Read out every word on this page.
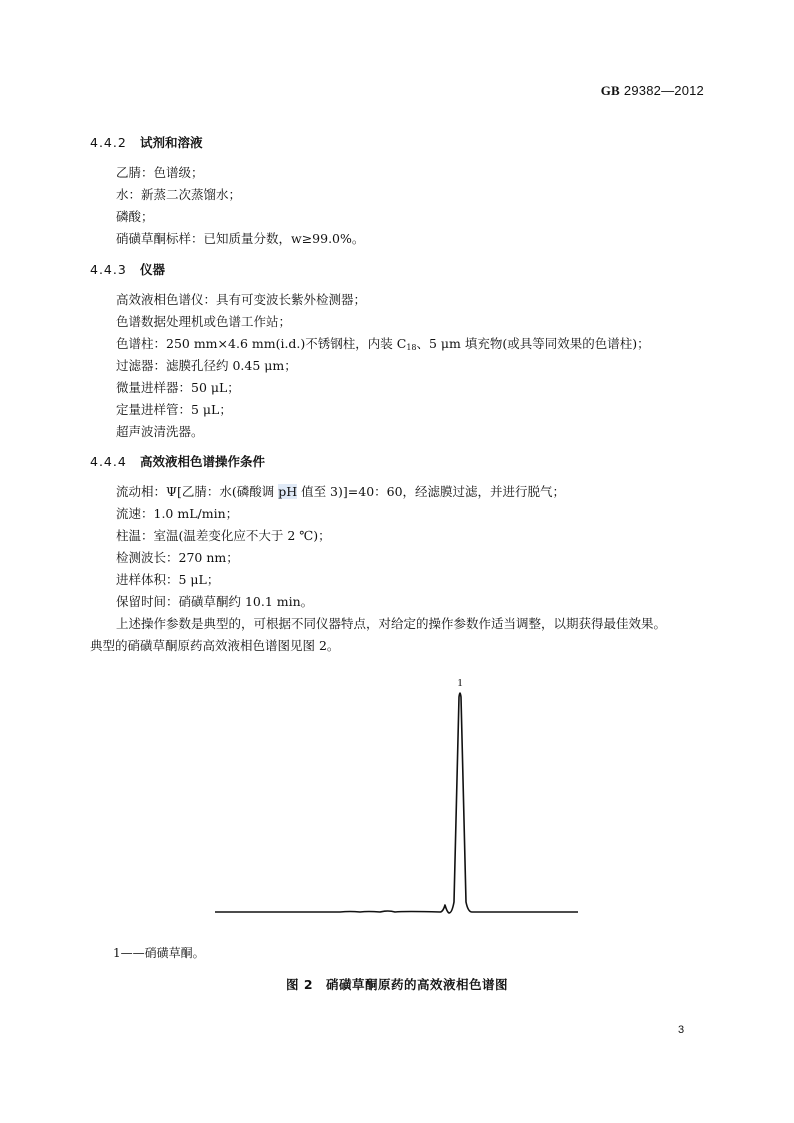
GB 29382—2012
4.4.2 试剂和溶液
乙腈：色谱级；
水：新蒸二次蒸馏水；
磷酸；
硝磺草酮标样：已知质量分数，w≥99.0%。
4.4.3 仪器
高效液相色谱仪：具有可变波长紫外检测器；
色谱数据处理机或色谱工作站；
色谱柱：250 mm×4.6 mm(i.d.)不锈钢柱，内装 $C_{18}$、5 μm 填充物(或具等同效果的色谱柱)；
过滤器：滤膜孔径约 0.45 μm；
微量进样器：50 μL；
定量进样管：5 μL；
超声波清洗器。
4.4.4 高效液相色谱操作条件
流动相：Ψ[乙腈：水(磷酸调 pH 值至 3)]=40：60，经滤膜过滤，并进行脱气；
流速：1.0 mL/min；
柱温：室温(温差变化应不大于 2 ℃)；
检测波长：270 nm；
进样体积：5 μL；
保留时间：硝磺草酮约 10.1 min。
上述操作参数是典型的，可根据不同仪器特点，对给定的操作参数作适当调整，以期获得最佳效果。
典型的硝磺草酮原药高效液相色谱图见图 2。
1
1——硝磺草酮。
图 2　硝磺草酮原药的高效液相色谱图
3
